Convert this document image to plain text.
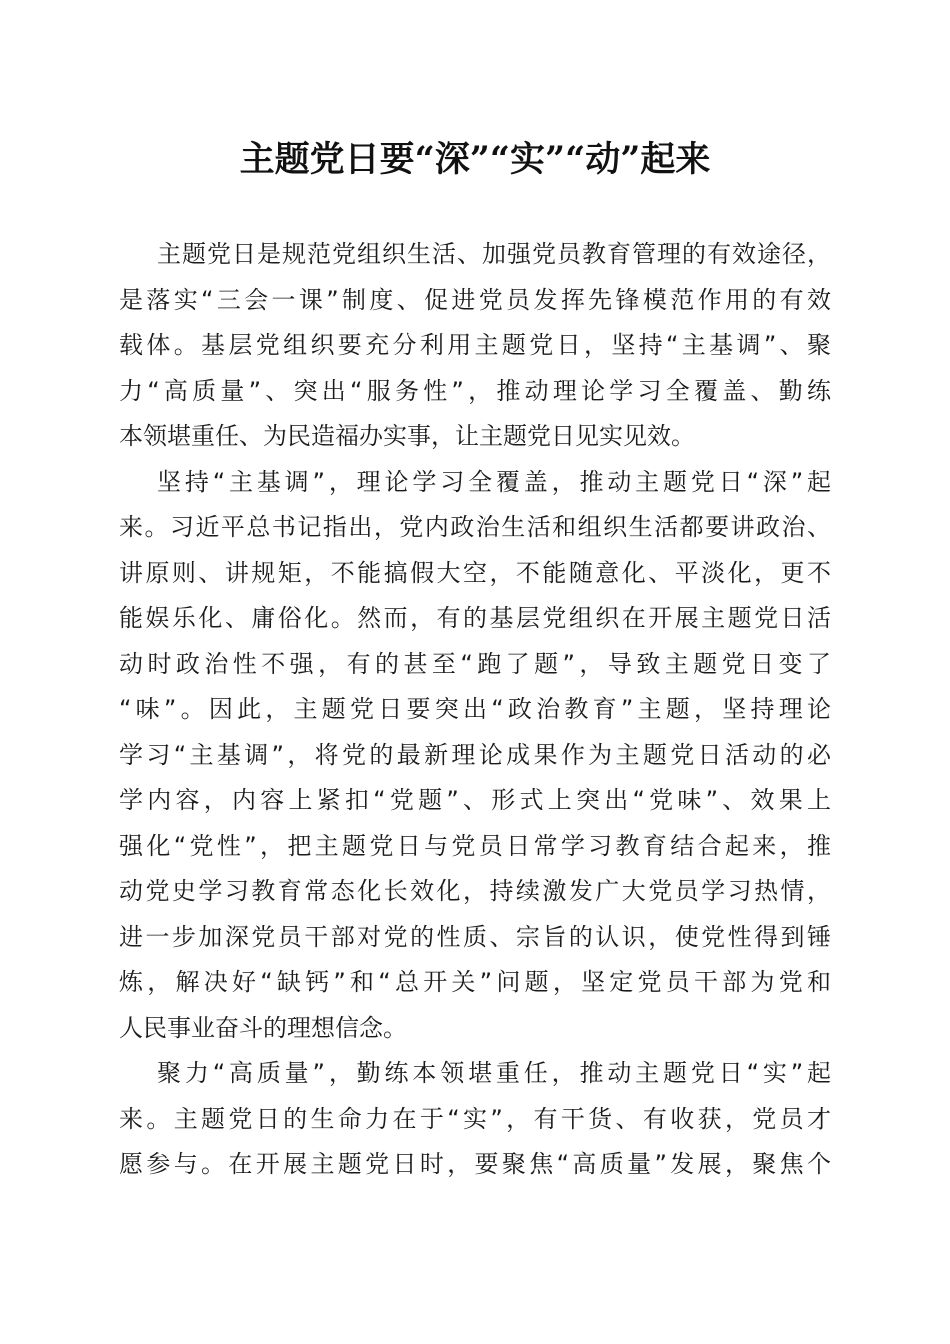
主题党日要“深”“实”“动”起来
主题党日是规范党组织生活、加强党员教育管理的有效途径，
是落实“三会一课”制度、促进党员发挥先锋模范作用的有效
载体。基层党组织要充分利用主题党日，坚持“主基调”、聚
力“高质量”、突出“服务性”，推动理论学习全覆盖、勤练
本领堪重任、为民造福办实事，让主题党日见实见效。
坚持“主基调”，理论学习全覆盖，推动主题党日“深”起
来。习近平总书记指出，党内政治生活和组织生活都要讲政治、
讲原则、讲规矩，不能搞假大空，不能随意化、平淡化，更不
能娱乐化、庸俗化。然而，有的基层党组织在开展主题党日活
动时政治性不强，有的甚至“跑了题”，导致主题党日变了
“味”。因此，主题党日要突出“政治教育”主题，坚持理论
学习“主基调”，将党的最新理论成果作为主题党日活动的必
学内容，内容上紧扣“党题”、形式上突出“党味”、效果上
强化“党性”，把主题党日与党员日常学习教育结合起来，推
动党史学习教育常态化长效化，持续激发广大党员学习热情，
进一步加深党员干部对党的性质、宗旨的认识，使党性得到锤
炼，解决好“缺钙”和“总开关”问题，坚定党员干部为党和
人民事业奋斗的理想信念。
聚力“高质量”，勤练本领堪重任，推动主题党日“实”起
来。主题党日的生命力在于“实”，有干货、有收获，党员才
愿参与。在开展主题党日时，要聚焦“高质量”发展，聚焦个
